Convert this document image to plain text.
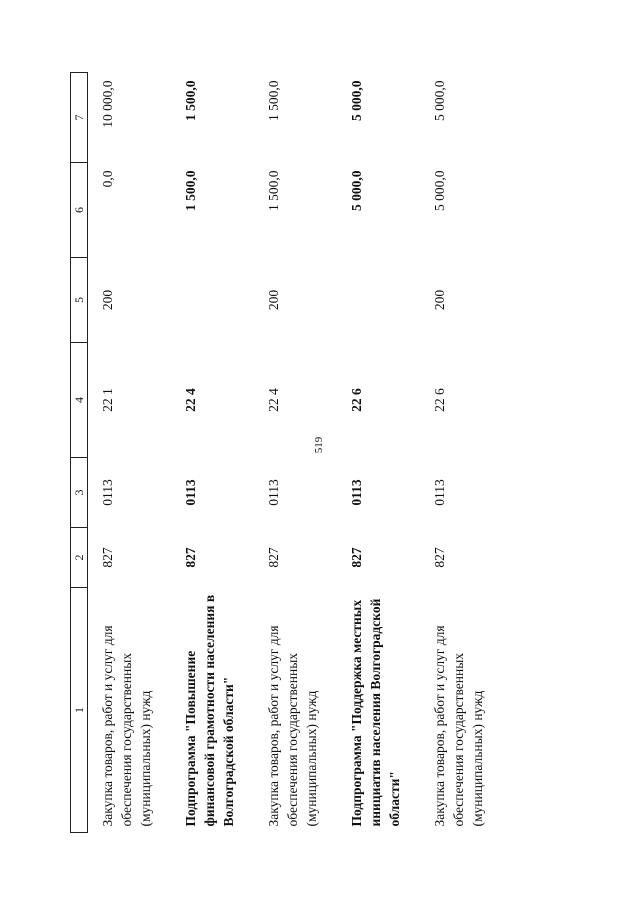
519
1	2	3	4	5	6	7
Закупка товаров, работ и услуг для обеспечения государственных (муниципальных) нужд	827	0113	22 1	200	0,0	10 000,0
Подпрограмма "Повышение финансовой грамотности населения в Волгоградской области"	827	0113	22 4		1 500,0	1 500,0
Закупка товаров, работ и услуг для обеспечения государственных (муниципальных) нужд	827	0113	22 4	200	1 500,0	1 500,0
Подпрограмма "Поддержка местных инициатив населения Волгоградской области"	827	0113	22 6		5 000,0	5 000,0
Закупка товаров, работ и услуг для обеспечения государственных (муниципальных) нужд	827	0113	22 6	200	5 000,0	5 000,0
